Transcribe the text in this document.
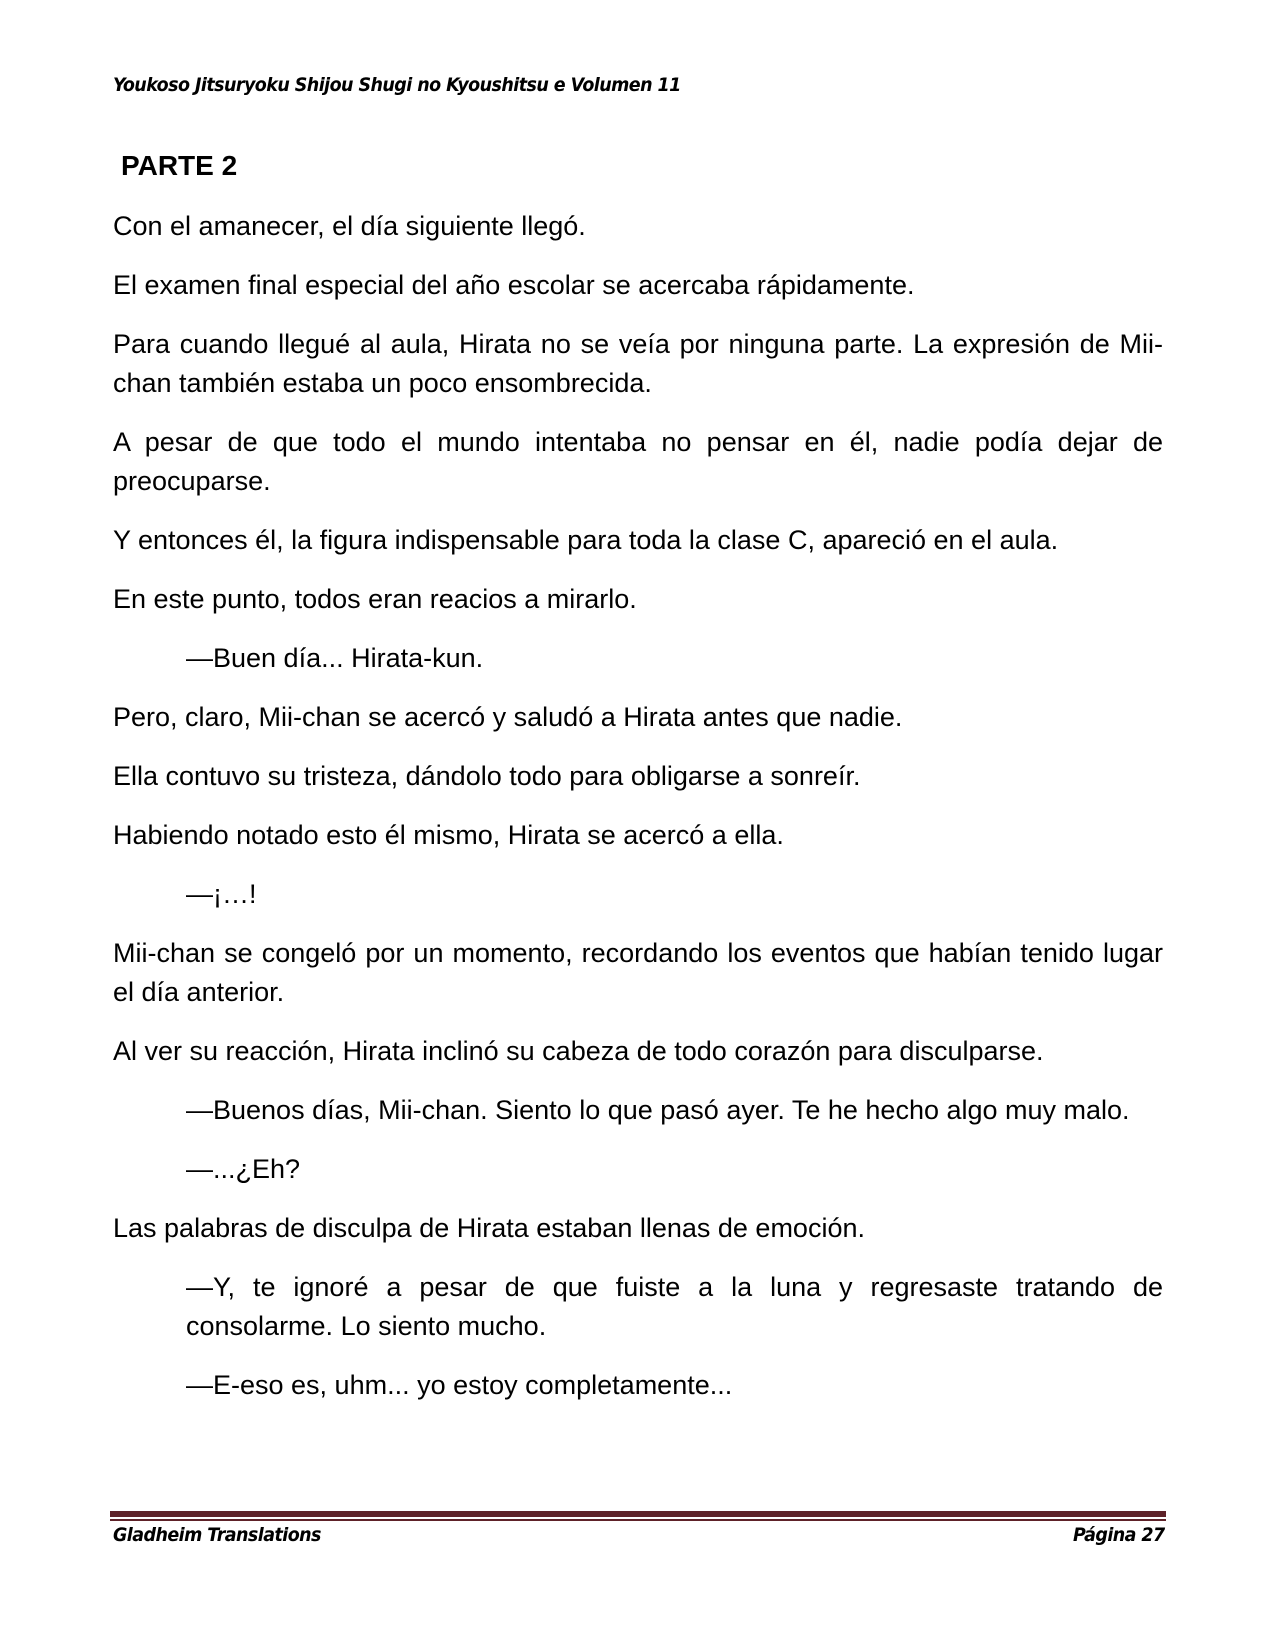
Youkoso Jitsuryoku Shijou Shugi no Kyoushitsu e Volumen 11
PARTE 2

Con el amanecer, el día siguiente llegó.

El examen final especial del año escolar se acercaba rápidamente.

Para cuando llegué al aula, Hirata no se veía por ninguna parte. La expresión de Mii-chan también estaba un poco ensombrecida.

A pesar de que todo el mundo intentaba no pensar en él, nadie podía dejar de preocuparse.

Y entonces él, la figura indispensable para toda la clase C, apareció en el aula.

En este punto, todos eran reacios a mirarlo.

—Buen día... Hirata-kun.

Pero, claro, Mii-chan se acercó y saludó a Hirata antes que nadie.

Ella contuvo su tristeza, dándolo todo para obligarse a sonreír.

Habiendo notado esto él mismo, Hirata se acercó a ella.

—¡…!

Mii-chan se congeló por un momento, recordando los eventos que habían tenido lugar el día anterior.

Al ver su reacción, Hirata inclinó su cabeza de todo corazón para disculparse.

—Buenos días, Mii-chan. Siento lo que pasó ayer. Te he hecho algo muy malo.

—...¿Eh?

Las palabras de disculpa de Hirata estaban llenas de emoción.

—Y, te ignoré a pesar de que fuiste a la luna y regresaste tratando de consolarme. Lo siento mucho.

—E-eso es, uhm... yo estoy completamente...

Gladheim Translations	Página 27
